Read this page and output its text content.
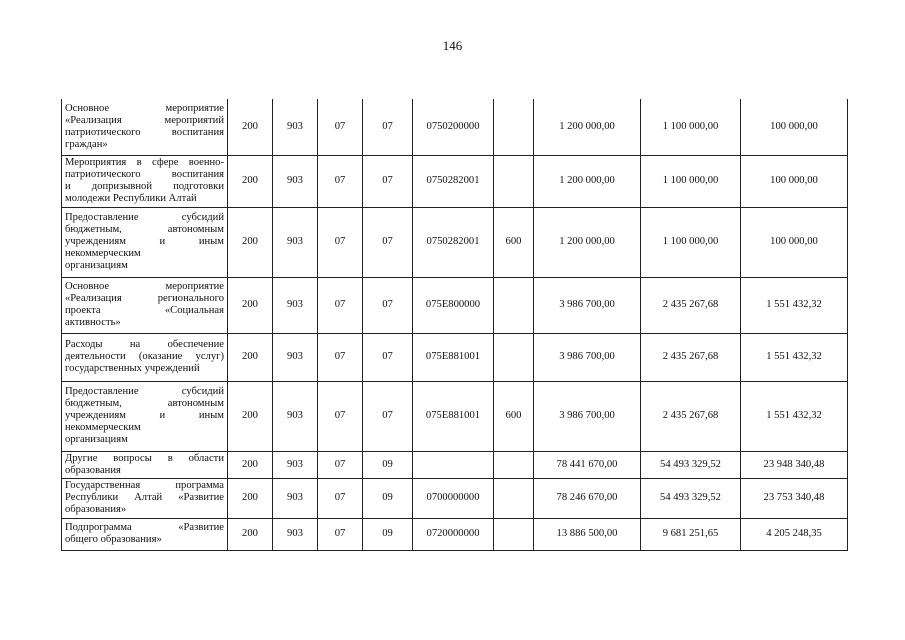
146
Основное мероприятие
«Реализация мероприятий
патриотического воспитания
граждан»	200	903	07	07	0750200000		1 200 000,00	1 100 000,00	100 000,00

Мероприятия в сфере военно-
патриотического воспитания
и допризывной подготовки
молодежи Республики Алтай	200	903	07	07	0750282001		1 200 000,00	1 100 000,00	100 000,00

Предоставление субсидий
бюджетным, автономным
учреждениям и иным
некоммерческим
организациям	200	903	07	07	0750282001	600	1 200 000,00	1 100 000,00	100 000,00

Основное мероприятие
«Реализация регионального
проекта «Социальная
активность»	200	903	07	07	075E800000		3 986 700,00	2 435 267,68	1 551 432,32

Расходы на обеспечение
деятельности (оказание услуг)
государственных учреждений	200	903	07	07	075E881001		3 986 700,00	2 435 267,68	1 551 432,32

Предоставление субсидий
бюджетным, автономным
учреждениям и иным
некоммерческим
организациям	200	903	07	07	075E881001	600	3 986 700,00	2 435 267,68	1 551 432,32

Другие вопросы в области
образования	200	903	07	09			78 441 670,00	54 493 329,52	23 948 340,48

Государственная программа
Республики Алтай «Развитие
образования»	200	903	07	09	0700000000		78 246 670,00	54 493 329,52	23 753 340,48

Подпрограмма «Развитие
общего образования»	200	903	07	09	0720000000		13 886 500,00	9 681 251,65	4 205 248,35
